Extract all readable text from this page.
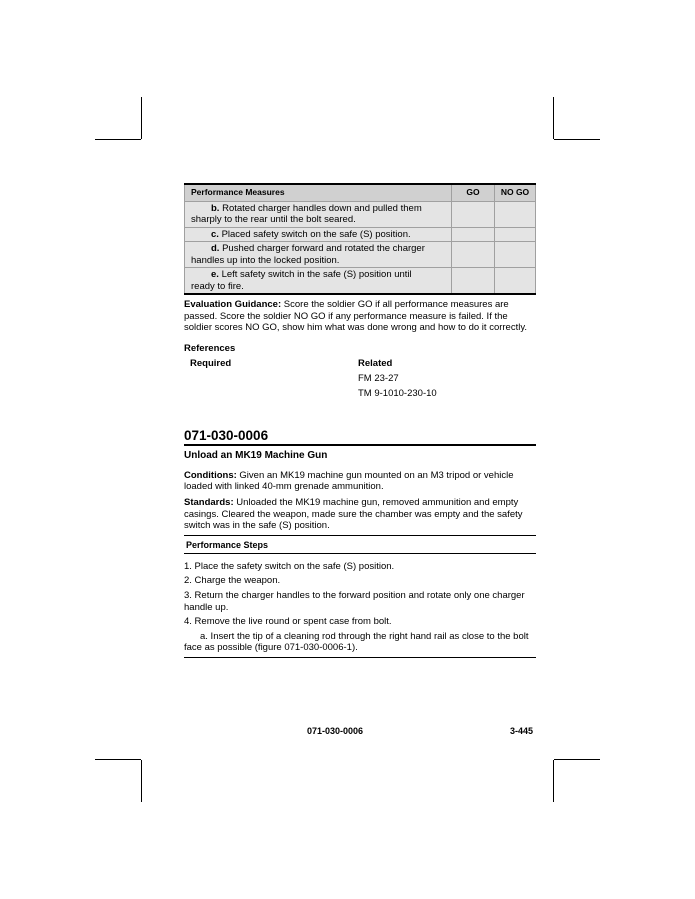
Performance Measures	GO	NO GO
b. Rotated charger handles down and pulled them
sharply to the rear until the bolt seared.		
c. Placed safety switch on the safe (S) position.		
d. Pushed charger forward and rotated the charger
handles up into the locked position.		
e. Left safety switch in the safe (S) position until
ready to fire.		

Evaluation Guidance: Score the soldier GO if all performance measures are passed. Score the soldier NO GO if any performance measure is failed. If the soldier scores NO GO, show him what was done wrong and how to do it correctly.

References
Required	Related
FM 23-27
TM 9-1010-230-10
071-030-0006
Unload an MK19 Machine Gun

Conditions: Given an MK19 machine gun mounted on an M3 tripod or vehicle loaded with linked 40-mm grenade ammunition.

Standards: Unloaded the MK19 machine gun, removed ammunition and empty casings. Cleared the weapon, made sure the chamber was empty and the safety switch was in the safe (S) position.

Performance Steps

1. Place the safety switch on the safe (S) position.

2. Charge the weapon.

3. Return the charger handles to the forward position and rotate only one charger handle up.

4. Remove the live round or spent case from bolt.

a. Insert the tip of a cleaning rod through the right hand rail as close to the bolt face as possible (figure 071-030-0006-1).

071-030-0006	3-445
